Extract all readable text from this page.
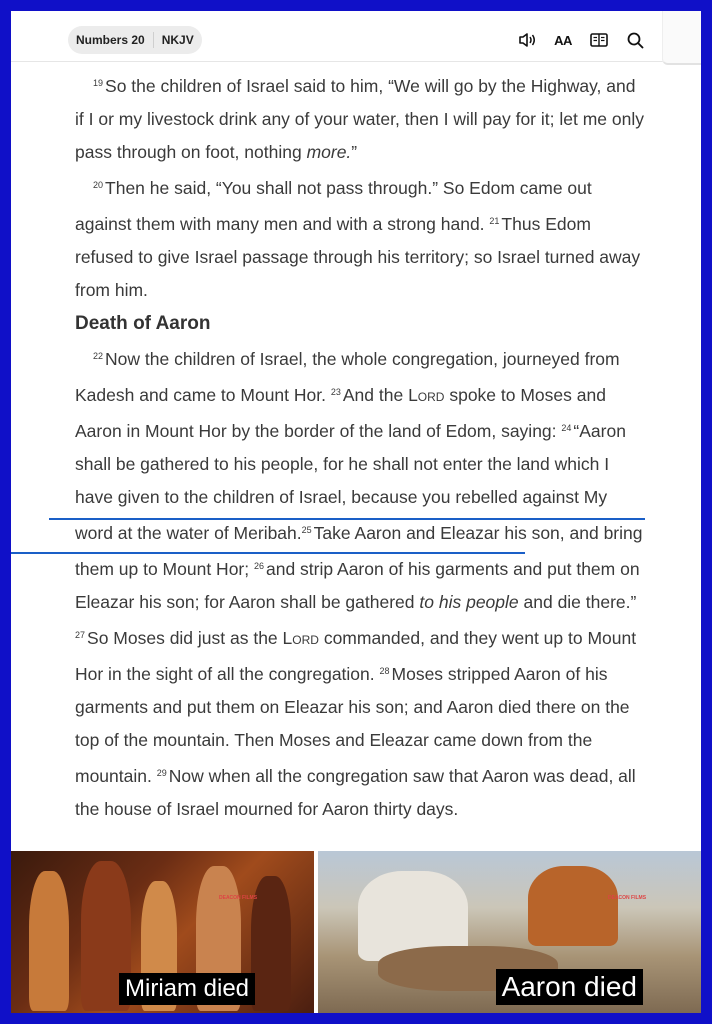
Numbers 20	NKJV	AA

$^{19}$ So the children of Israel said to him, “We will go by the Highway, and if I or my livestock drink any of your water, then I will pay for it; let me only pass through on foot, nothing more.”

$^{20}$ Then he said, “You shall not pass through.” So Edom came out against them with many men and with a strong hand. $^{21}$ Thus Edom refused to give Israel passage through his territory; so Israel turned away from him.

Death of Aaron

$^{22}$ Now the children of Israel, the whole congregation, journeyed from Kadesh and came to Mount Hor. $^{23}$ And the Lord spoke to Moses and Aaron in Mount Hor by the border of the land of Edom, saying: $^{24}$ “Aaron shall be gathered to his people, for he shall not enter the land which I have given to the children of Israel, because you rebelled against My word at the water of Meribah.$^{25}$ Take Aaron and Eleazar his son, and bring them up to Mount Hor; $^{26}$ and strip Aaron of his garments and put them on Eleazar his son; for Aaron shall be gathered to his people and die there.” $^{27}$ So Moses did just as the Lord commanded, and they went up to Mount Hor in the sight of all the congregation. $^{28}$ Moses stripped Aaron of his garments and put them on Eleazar his son; and Aaron died there on the top of the mountain. Then Moses and Eleazar came down from the mountain. $^{29}$ Now when all the congregation saw that Aaron was dead, all the house of Israel mourned for Aaron thirty days.

DEACON FILMS
Miriam died
DEACON FILMS
Aaron died
